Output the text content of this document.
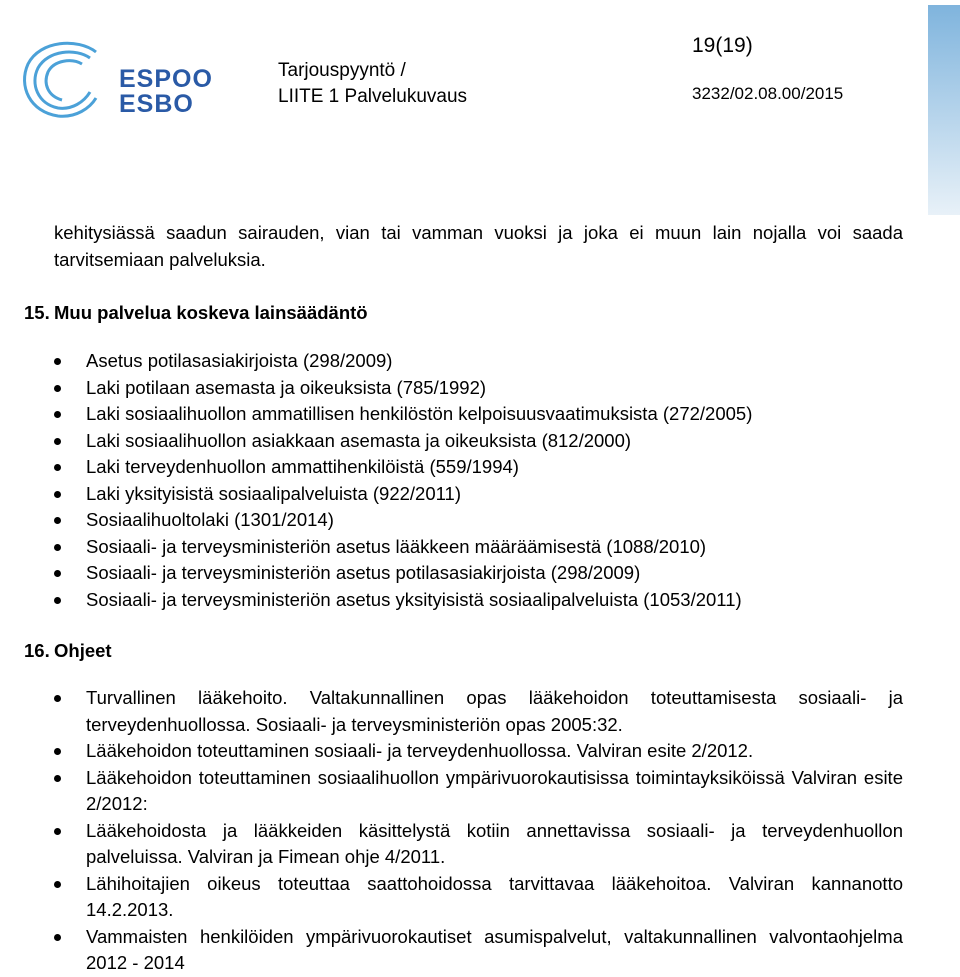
ESPOO
ESBO
Tarjouspyyntö /
LIITE 1 Palvelukuvaus
19(19)
3232/02.08.00/2015
kehitysiässä saadun sairauden, vian tai vamman vuoksi ja joka ei muun lain nojalla voi saada tarvitsemiaan palveluksia.
15. Muu palvelua koskeva lainsäädäntö
Asetus potilasasiakirjoista (298/2009)
Laki potilaan asemasta ja oikeuksista (785/1992)
Laki sosiaalihuollon ammatillisen henkilöstön kelpoisuusvaatimuksista (272/2005)
Laki sosiaalihuollon asiakkaan asemasta ja oikeuksista (812/2000)
Laki terveydenhuollon ammattihenkilöistä (559/1994)
Laki yksityisistä sosiaalipalveluista (922/2011)
Sosiaalihuoltolaki (1301/2014)
Sosiaali- ja terveysministeriön asetus lääkkeen määräämisestä (1088/2010)
Sosiaali- ja terveysministeriön asetus potilasasiakirjoista (298/2009)
Sosiaali- ja terveysministeriön asetus yksityisistä sosiaalipalveluista (1053/2011)
16. Ohjeet
Turvallinen lääkehoito. Valtakunnallinen opas lääkehoidon toteuttamisesta sosiaali- ja terveydenhuollossa. Sosiaali- ja terveysministeriön opas 2005:32.
Lääkehoidon toteuttaminen sosiaali- ja terveydenhuollossa. Valviran esite 2/2012.
Lääkehoidon toteuttaminen sosiaalihuollon ympärivuorokautisissa toimintayksiköissä Valviran esite 2/2012:
Lääkehoidosta ja lääkkeiden käsittelystä kotiin annettavissa sosiaali- ja terveydenhuollon palveluissa. Valviran ja Fimean ohje 4/2011.
Lähihoitajien oikeus toteuttaa saattohoidossa tarvittavaa lääkehoitoa. Valviran kannanotto 14.2.2013.
Vammaisten henkilöiden ympärivuorokautiset asumispalvelut, valtakunnallinen valvontaohjelma 2012 - 2014
